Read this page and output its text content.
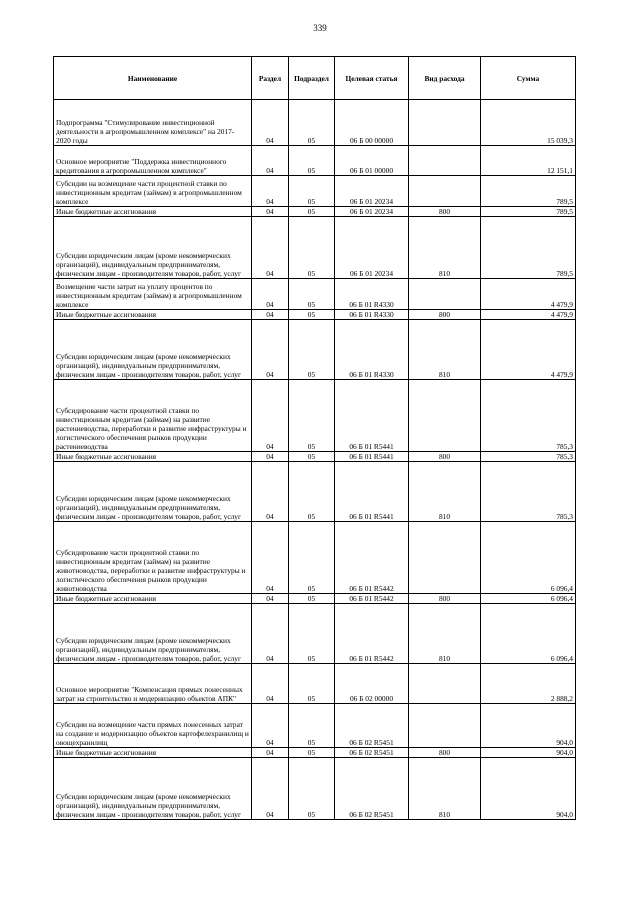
339
Наименование	Раздел	Подраздел	Целевая статья	Вид расхода	Сумма

Подпрограмма "Стимулирование инвестиционной деятельности в агропромышленном комплексе" на 2017-2020 годы	04	05	06 Б 00 00000		15 039,3

Основное мероприятие "Поддержка инвестиционного кредитования в агропромышленном комплексе"	04	05	06 Б 01 00000		12 151,1

Субсидии на возмещение части процентной ставки по инвестиционным кредитам (займам) в агропромышленном комплексе	04	05	06 Б 01 20234		789,5

Иные бюджетные ассигнования	04	05	06 Б 01 20234	800	789,5

Субсидии юридическим лицам (кроме некоммерческих организаций), индивидуальным предпринимателям, физическим лицам - производителям товаров, работ, услуг	04	05	06 Б 01 20234	810	789,5

Возмещение части затрат на уплату процентов по инвестиционным кредитам (займам) в агропромышленном комплексе	04	05	06 Б 01 R4330		4 479,9

Иные бюджетные ассигнования	04	05	06 Б 01 R4330	800	4 479,9

Субсидии юридическим лицам (кроме некоммерческих организаций), индивидуальным предпринимателям, физическим лицам - производителям товаров, работ, услуг	04	05	06 Б 01 R4330	810	4 479,9

Субсидирование части процентной ставки по инвестиционным кредитам (займам) на развитие растениеводства, переработки и развитие инфраструктуры и логистического обеспечения рынков продукции растениеводства	04	05	06 Б 01 R5441		785,3

Иные бюджетные ассигнования	04	05	06 Б 01 R5441	800	785,3

Субсидии юридическим лицам (кроме некоммерческих организаций), индивидуальным предпринимателям, физическим лицам - производителям товаров, работ, услуг	04	05	06 Б 01 R5441	810	785,3

Субсидирование части процентной ставки по инвестиционным кредитам (займам) на развитие животноводства, переработки и развитие инфраструктуры и логистического обеспечения рынков продукции животноводства	04	05	06 Б 01 R5442		6 096,4

Иные бюджетные ассигнования	04	05	06 Б 01 R5442	800	6 096,4

Субсидии юридическим лицам (кроме некоммерческих организаций), индивидуальным предпринимателям, физическим лицам - производителям товаров, работ, услуг	04	05	06 Б 01 R5442	810	6 096,4

Основное мероприятие "Компенсация прямых понесенных затрат на строительство и модернизацию объектов АПК"	04	05	06 Б 02 00000		2 888,2

Субсидии на возмещение части прямых понесенных затрат на создание и модернизацию объектов картофелехранилищ и овощехранилищ	04	05	06 Б 02 R5451		904,0

Иные бюджетные ассигнования	04	05	06 Б 02 R5451	800	904,0

Субсидии юридическим лицам (кроме некоммерческих организаций), индивидуальным предпринимателям, физическим лицам - производителям товаров, работ, услуг	04	05	06 Б 02 R5451	810	904,0
